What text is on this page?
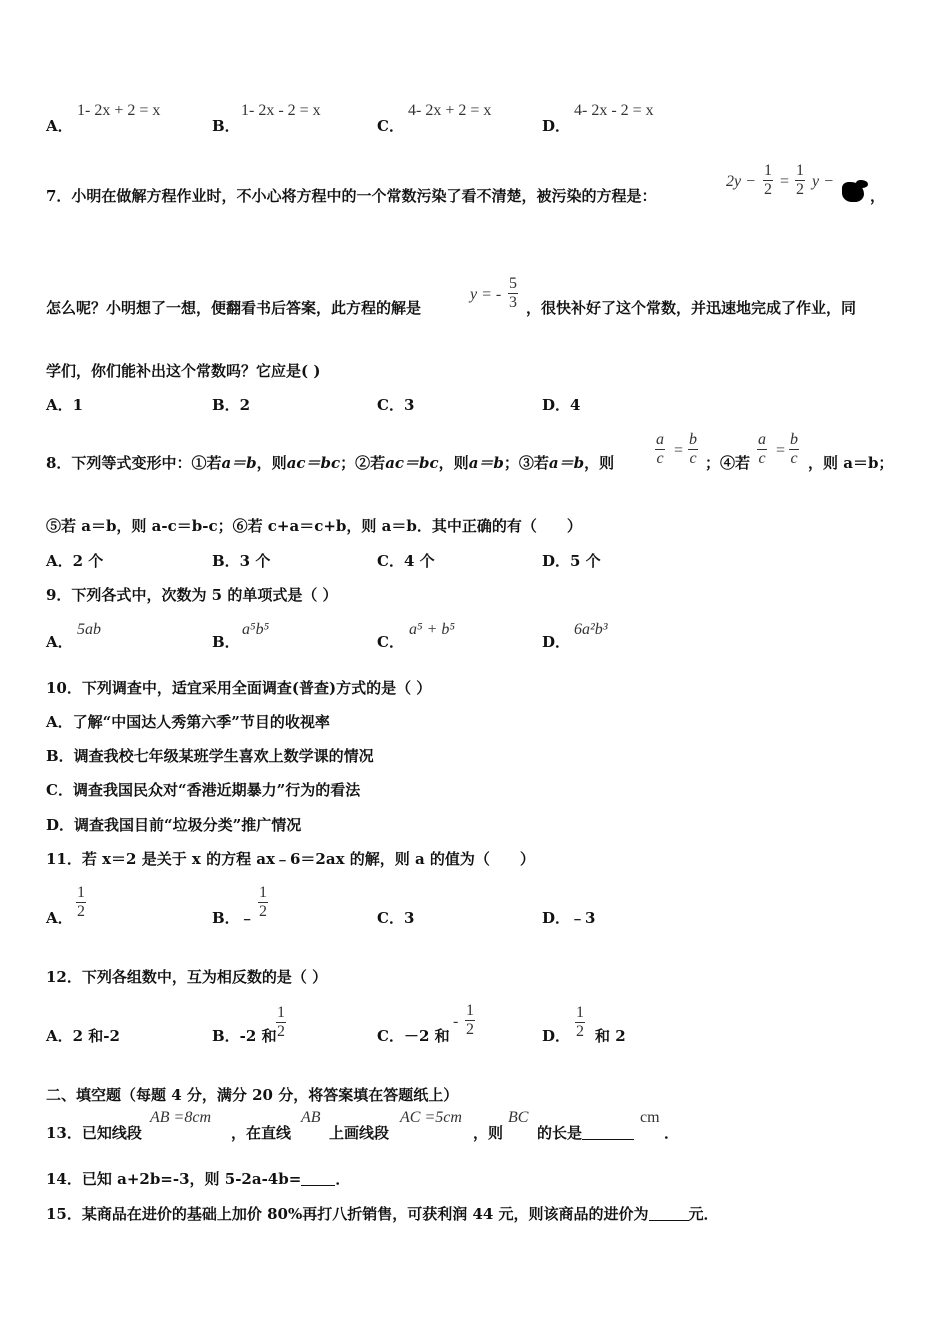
A．
1- 2x + 2 = x
B．
1- 2x - 2 = x
C．
4- 2x + 2 = x
D．
4- 2x - 2 = x
7．小明在做解方程作业时，不小心将方程中的一个常数污染了看不清楚，被污染的方程是：
$2y - \frac{1}{2} = \frac{1}{2}$ y −
，
怎么呢？小明想了一想，便翻看书后答案，此方程的解是
y = - $\frac{5}{3}$ ，很快补好了这个常数，并迅速地完成了作业，同
学们，你们能补出这个常数吗？它应是( )
A．1	B．2	C．3	D．4
8．下列等式变形中：①若a＝b，则ac＝bc；②若ac＝bc，则a＝b；③若a＝b，则	$\frac{a}{c} = \frac{b}{c}$ ；④若 $\frac{a}{c} = \frac{b}{c}$ ，则 a＝b；
⑤若 a＝b，则 a-c＝b-c；⑥若 c+a＝c+b，则 a＝b．其中正确的有（　　）
A．2 个	B．3 个	C．4 个	D．5 个
9．下列各式中，次数为 5 的单项式是（ ）
A．
5ab
B．
a⁵b⁵
C．
a⁵ + b⁵
D．
6a²b³
10．下列调查中，适宜采用全面调查(普查)方式的是（ ）
A．了解“中国达人秀第六季”节目的收视率
B．调查我校七年级某班学生喜欢上数学课的情况
C．调查我国民众对“香港近期暴力”行为的看法
D．调查我国目前“垃圾分类”推广情况
11．若 x＝2 是关于 x 的方程 ax﹣6＝2ax 的解，则 a 的值为（　　）
A． $\frac{1}{2}$	B．﹣ $\frac{1}{2}$	C．3	D．﹣3
12．下列各组数中，互为相反数的是（ ）
A．2 和-2	B．-2 和 $\frac{1}{2}$	C．－2 和
- $\frac{1}{2}$	D． $\frac{1}{2}$ 和 2
二、填空题（每题 4 分，满分 20 分，将答案填在答题纸上）
13．已知线段
AB =8cm
，在直线
AB
上画线段
AC =5cm
，则
BC
的长是
cm
．
14．已知 a+2b=-3，则 5-2a-4b= ．
15．某商品在进价的基础上加价 80%再打八折销售，可获利润 44 元，则该商品的进价为	元．
